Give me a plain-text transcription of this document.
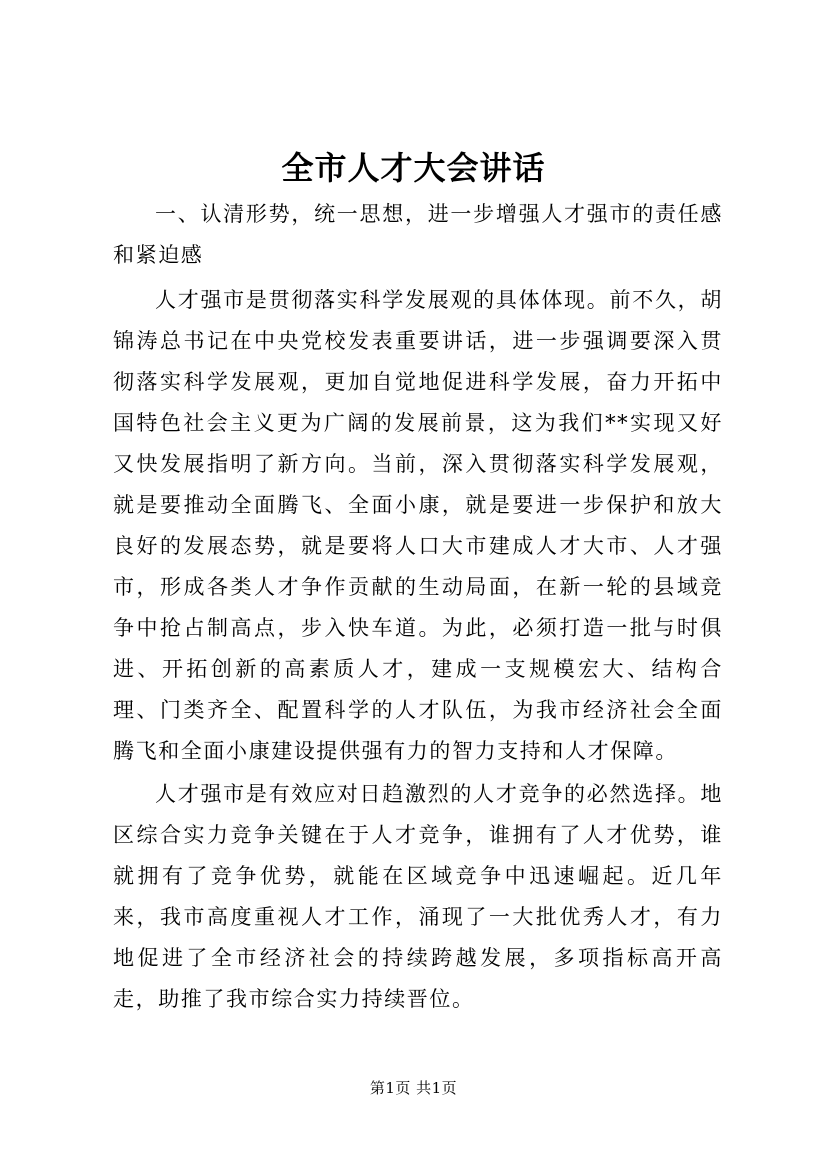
全市人才大会讲话

一、认清形势，统一思想，进一步增强人才强市的责任感和紧迫感

人才强市是贯彻落实科学发展观的具体体现。前不久，胡锦涛总书记在中央党校发表重要讲话，进一步强调要深入贯彻落实科学发展观，更加自觉地促进科学发展，奋力开拓中国特色社会主义更为广阔的发展前景，这为我们**实现又好又快发展指明了新方向。当前，深入贯彻落实科学发展观，就是要推动全面腾飞、全面小康，就是要进一步保护和放大良好的发展态势，就是要将人口大市建成人才大市、人才强市，形成各类人才争作贡献的生动局面，在新一轮的县域竞争中抢占制高点，步入快车道。为此，必须打造一批与时俱进、开拓创新的高素质人才，建成一支规模宏大、结构合理、门类齐全、配置科学的人才队伍，为我市经济社会全面腾飞和全面小康建设提供强有力的智力支持和人才保障。

人才强市是有效应对日趋激烈的人才竞争的必然选择。地区综合实力竞争关键在于人才竞争，谁拥有了人才优势，谁就拥有了竞争优势，就能在区域竞争中迅速崛起。近几年来，我市高度重视人才工作，涌现了一大批优秀人才，有力地促进了全市经济社会的持续跨越发展，多项指标高开高走，助推了我市综合实力持续晋位。

第1页 共1页
